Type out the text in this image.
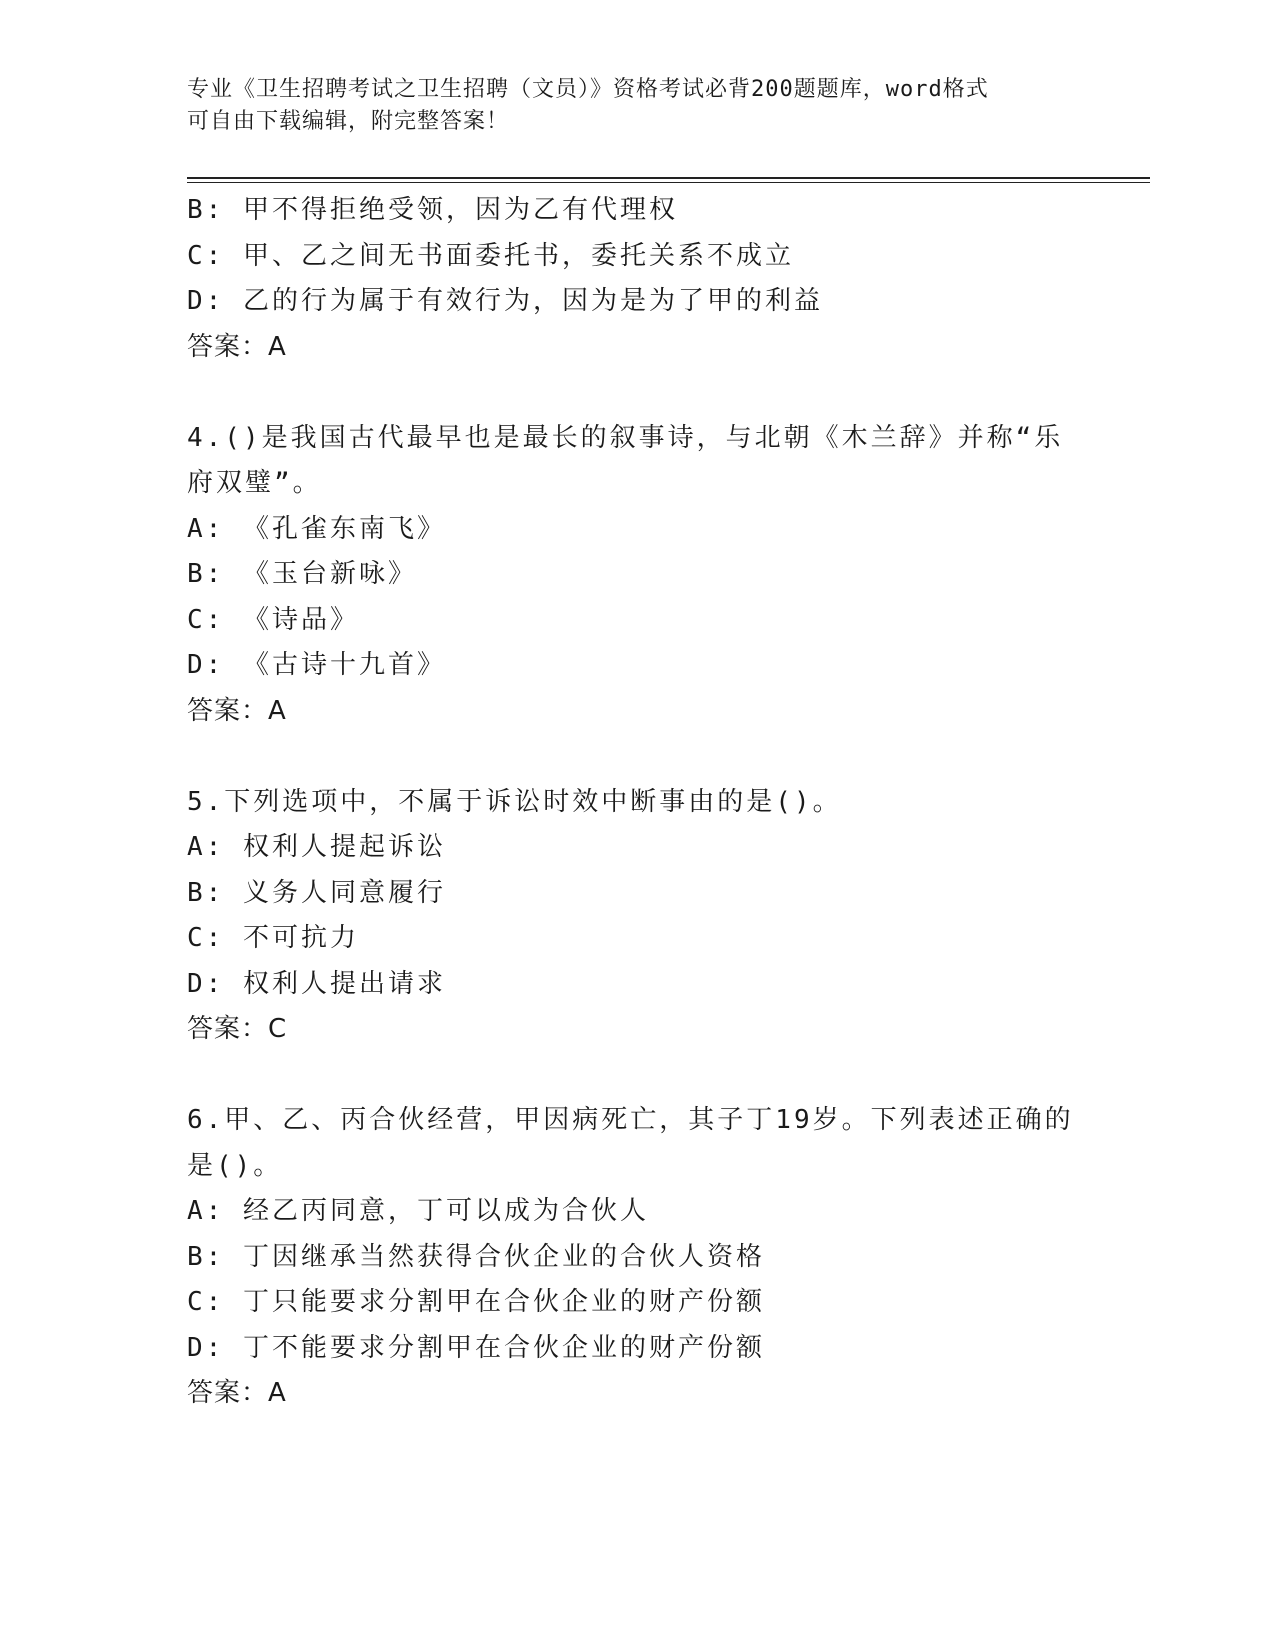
专业《卫生招聘考试之卫生招聘（文员）》资格考试必背200题题库，word格式
可自由下载编辑，附完整答案！
B: 甲不得拒绝受领，因为乙有代理权
C: 甲、乙之间无书面委托书，委托关系不成立
D: 乙的行为属于有效行为，因为是为了甲的利益
答案：A
4.()是我国古代最早也是最长的叙事诗，与北朝《木兰辞》并称“乐
府双璧”。
A: 《孔雀东南飞》
B: 《玉台新咏》
C: 《诗品》
D: 《古诗十九首》
答案：A
5.下列选项中，不属于诉讼时效中断事由的是()。
A: 权利人提起诉讼
B: 义务人同意履行
C: 不可抗力
D: 权利人提出请求
答案：C
6.甲、乙、丙合伙经营，甲因病死亡，其子丁19岁。下列表述正确的
是()。
A: 经乙丙同意，丁可以成为合伙人
B: 丁因继承当然获得合伙企业的合伙人资格
C: 丁只能要求分割甲在合伙企业的财产份额
D: 丁不能要求分割甲在合伙企业的财产份额
答案：A
